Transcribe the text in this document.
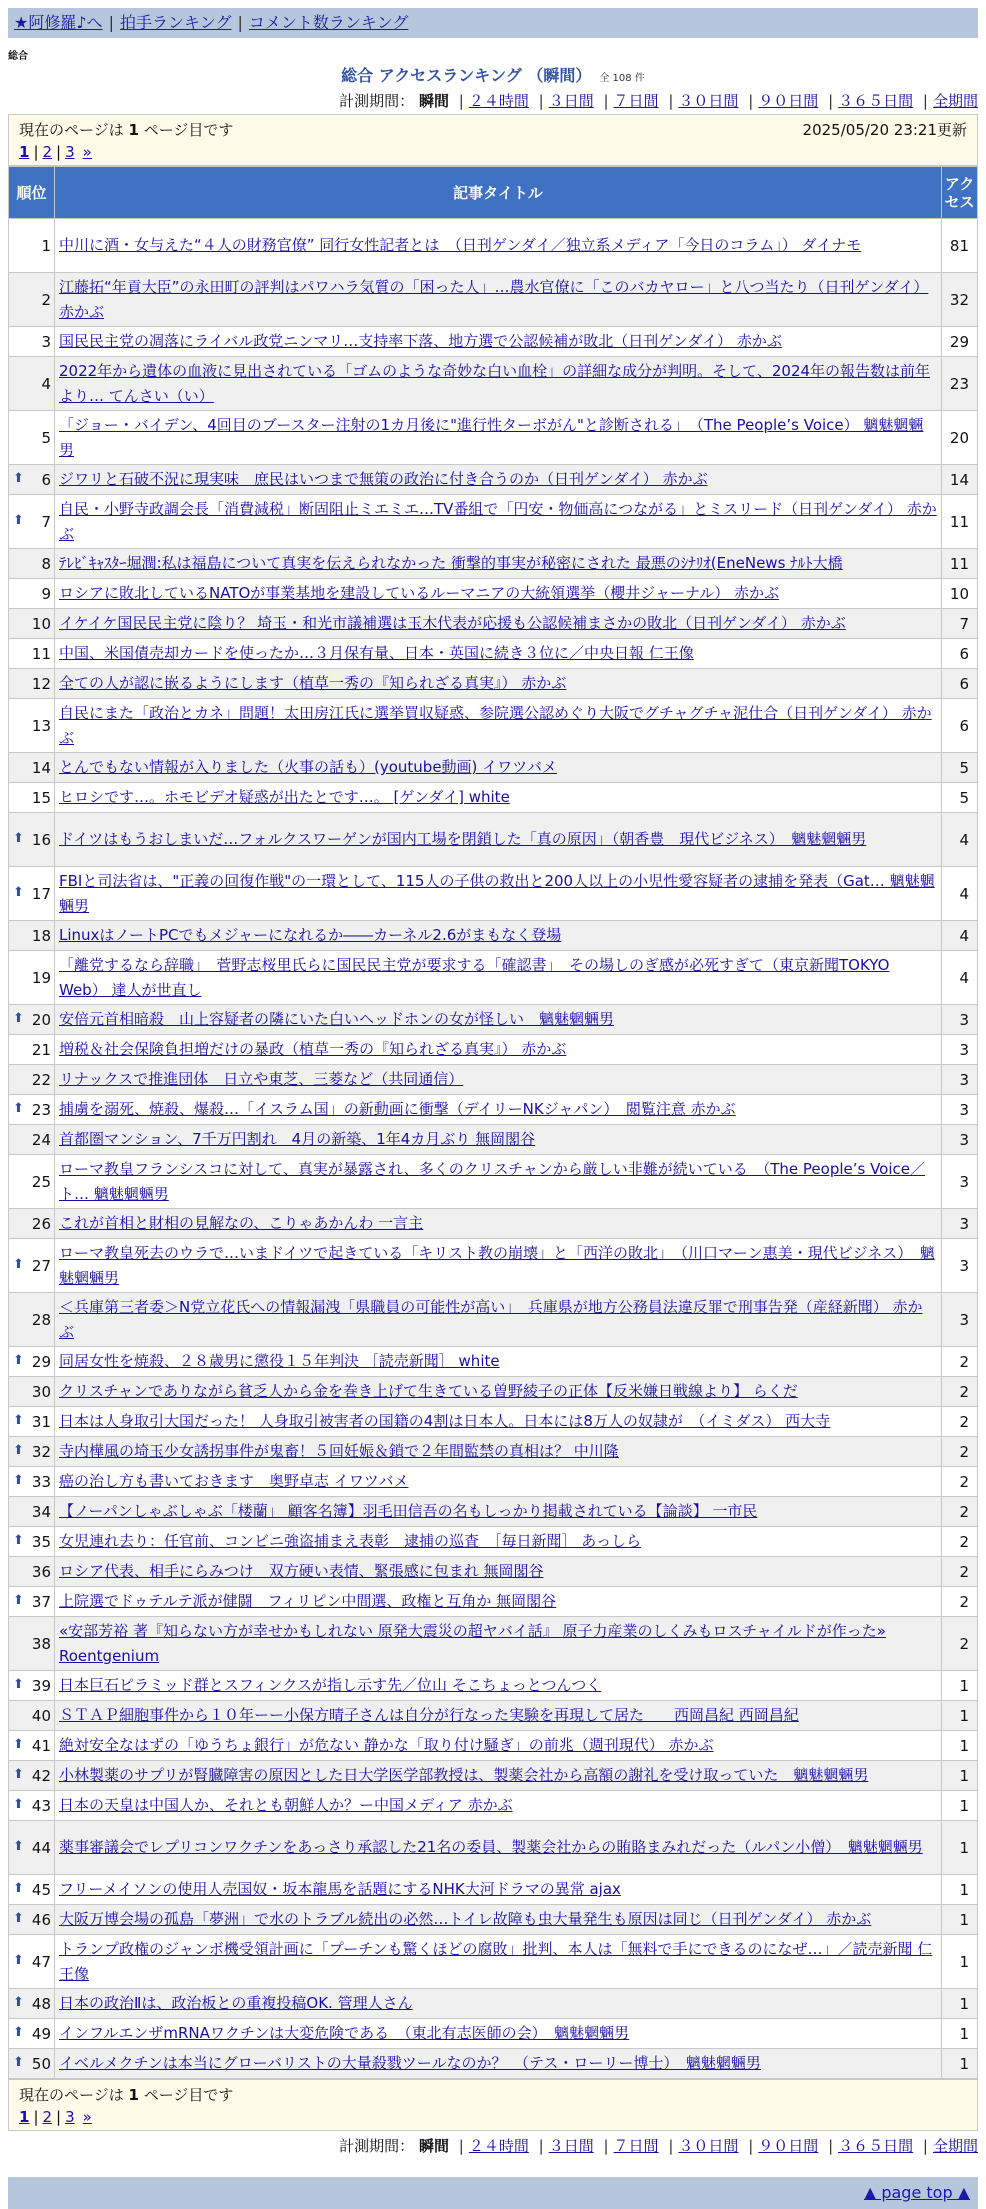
★阿修羅♪へ | 拍手ランキング | コメント数ランキング
総合
総合 アクセスランキング （瞬間） 全 108 件
計測期間： 瞬間 | ２４時間 | ３日間 | ７日間 | ３０日間 | ９０日間 | ３６５日間 | 全期間
現在のページは 1 ページ目です	2025/05/20 23:21更新
1 | 2 | 3 »
順位	記事タイトル	アクセス
1	中川に酒・女与えた“４人の財務官僚” 同行女性記者とは　（日刊ゲンダイ／独立系メディア「今日のコラム」） ダイナモ	81
2	江藤拓“年貢大臣”の永田町の評判はパワハラ気質の「困った人」…農水官僚に「このバカヤロー」と八つ当たり（日刊ゲンダイ） 赤かぶ	32
3	国民民主党の凋落にライバル政党ニンマリ…支持率下落、地方選で公認候補が敗北（日刊ゲンダイ） 赤かぶ	29
4	2022年から遺体の血液に見出されている「ゴムのような奇妙な白い血栓」の詳細な成分が判明。そして、2024年の報告数は前年より… てんさい（い）	23
5	「ジョー・バイデン、4回目のブースター注射の1カ月後に"進行性ターボがん"と診断される」　（The People’s Voice） 魑魅魍魎男	20

⬆ 6	ジワリと石破不況に現実味　庶民はいつまで無策の政治に付き合うのか（日刊ゲンダイ） 赤かぶ	14

⬆ 7	自民・小野寺政調会長「消費減税」断固阻止ミエミエ…TV番組で「円安・物価高につながる」とミスリード（日刊ゲンダイ） 赤かぶ	11
8	ﾃﾚﾋﾞｷｬｽﾀｰ堀潤:私は福島について真実を伝えられなかった 衝撃的事実が秘密にされた 最悪のｼﾅﾘｵ(EneNews ﾅﾙﾄ大橋	11
9	ロシアに敗北しているNATOが事業基地を建設しているルーマニアの大統領選挙（櫻井ジャーナル） 赤かぶ	10
10	イケイケ国民民主党に陰り？ 埼玉・和光市議補選は玉木代表が応援も公認候補まさかの敗北（日刊ゲンダイ） 赤かぶ	7
11	中国、米国債売却カードを使ったか…３月保有量、日本・英国に続き３位に／中央日報 仁王像	6
12	全ての人が認に嵌るようにします（植草一秀の『知られざる真実』） 赤かぶ	6
13	自民にまた「政治とカネ」問題！太田房江氏に選挙買収疑惑、参院選公認めぐり大阪でグチャグチャ泥仕合（日刊ゲンダイ） 赤かぶ	6
14	とんでもない情報が入りました（火事の話も）(youtube動画) イワツバメ	5
15	ヒロシです…。ホモビデオ疑惑が出たとです…。 [ゲンダイ] white	5

⬆ 16	ドイツはもうおしまいだ…フォルクスワーゲンが国内工場を閉鎖した「真の原因」（朝香豊　現代ビジネス）　魑魅魍魎男	4

⬆ 17	FBIと司法省は、"正義の回復作戦"の一環として、115人の子供の救出と200人以上の小児性愛容疑者の逮捕を発表（Gat… 魑魅魍魎男	4
18	LinuxはノートPCでもメジャーになれるか――カーネル2.6がまもなく登場	4
19	「離党するなら辞職」　菅野志桜里氏らに国民民主党が要求する「確認書」　その場しのぎ感が必死すぎて（東京新聞TOKYO Web） 達人が世直し	4

⬆ 20	安倍元首相暗殺　山上容疑者の隣にいた白いヘッドホンの女が怪しい　魑魅魍魎男	3
21	増税＆社会保険負担増だけの暴政（植草一秀の『知られざる真実』） 赤かぶ	3
22	リナックスで推進団体　日立や東芝、三菱など（共同通信）	3

⬆ 23	捕虜を溺死、焼殺、爆殺…「イスラム国」の新動画に衝撃（デイリーNKジャパン）　閲覧注意 赤かぶ	3
24	首都圏マンション、7千万円割れ　4月の新築、1年4カ月ぶり 無岡閣谷	3
25	ローマ教皇フランシスコに対して、真実が暴露され、多くのクリスチャンから厳しい非難が続いている　（The People’s Voice／ト… 魑魅魍魎男	3
26	これが首相と財相の見解なの、こりゃあかんわ 一言主	3

⬆ 27	ローマ教皇死去のウラで…いまドイツで起きている「キリスト教の崩壊」と「西洋の敗北」　（川口マーン惠美・現代ビジネス）　魑魅魍魎男	3
28	＜兵庫第三者委＞N党立花氏への情報漏洩「県職員の可能性が高い」　兵庫県が地方公務員法違反罪で刑事告発（産経新聞） 赤かぶ	3

⬆ 29	同居女性を焼殺、２８歳男に懲役１５年判決 ［読売新聞］ white	2
30	クリスチャンでありながら貧乏人から金を巻き上げて生きている曽野綾子の正体【反米嫌日戦線より】 らくだ	2

⬆ 31	日本は人身取引大国だった！ 人身取引被害者の国籍の4割は日本人。日本には8万人の奴隷が　（イミダス） 西大寺	2

⬆ 32	寺内樺風の埼玉少女誘拐事件が鬼畜！５回妊娠＆鎖で２年間監禁の真相は？ 中川隆	2

⬆ 33	癌の治し方も書いておきます　奥野卓志 イワツバメ	2
34	【ノーパンしゃぶしゃぶ「楼蘭」 顧客名簿】羽毛田信吾の名もしっかり掲載されている【論談】 一市民	2

⬆ 35	女児連れ去り：任官前、コンビニ強盗捕まえ表彰　逮捕の巡査　［毎日新聞］ あっしら	2
36	ロシア代表、相手にらみつけ　双方硬い表情、緊張感に包まれ 無岡閣谷	2

⬆ 37	上院選でドゥテルテ派が健闘　フィリピン中間選、政権と互角か 無岡閣谷	2
38	«安部芳裕 著『知らない方が幸せかもしれない 原発大震災の超ヤバイ話』 原子力産業のしくみもロスチャイルドが作った» Roentgenium	2

⬆ 39	日本巨石ピラミッド群とスフィンクスが指し示す先／位山 そこちょっとつんつく	1
40	ＳＴＡＰ細胞事件から１０年ーー小保方晴子さんは自分が行なった実験を再現して居た　　西岡昌紀 西岡昌紀	1

⬆ 41	絶対安全なはずの「ゆうちょ銀行」が危ない 静かな「取り付け騒ぎ」の前兆（週刊現代） 赤かぶ	1

⬆ 42	小林製薬のサプリが腎臓障害の原因とした日大学医学部教授は、製薬会社から高額の謝礼を受け取っていた　魑魅魍魎男	1

⬆ 43	日本の天皇は中国人か、それとも朝鮮人か？ー中国メディア 赤かぶ	1

⬆ 44	薬事審議会でレプリコンワクチンをあっさり承認した21名の委員、製薬会社からの賄賂まみれだった（ルパン小僧）　魑魅魍魎男	1

⬆ 45	フリーメイソンの使用人売国奴・坂本龍馬を話題にするNHK大河ドラマの異常 ajax	1

⬆ 46	大阪万博会場の孤島「夢洲」で水のトラブル続出の必然…トイレ故障も虫大量発生も原因は同じ（日刊ゲンダイ） 赤かぶ	1

⬆ 47	トランプ政権のジャンボ機受領計画に「プーチンも驚くほどの腐敗」批判、本人は「無料で手にできるのになぜ…」／読売新聞 仁王像	1

⬆ 48	日本の政治Ⅱは、政治板との重複投稿OK. 管理人さん	1

⬆ 49	インフルエンザmRNAワクチンは大変危険である　（東北有志医師の会）　魑魅魍魎男	1

⬆ 50	イベルメクチンは本当にグローバリストの大量殺戮ツールなのか？　（テス・ローリー博士）　魑魅魍魎男	1
現在のページは 1 ページ目です
1 | 2 | 3 »
計測期間： 瞬間 | ２４時間 | ３日間 | ７日間 | ３０日間 | ９０日間 | ３６５日間 | 全期間
▲ page top ▲
